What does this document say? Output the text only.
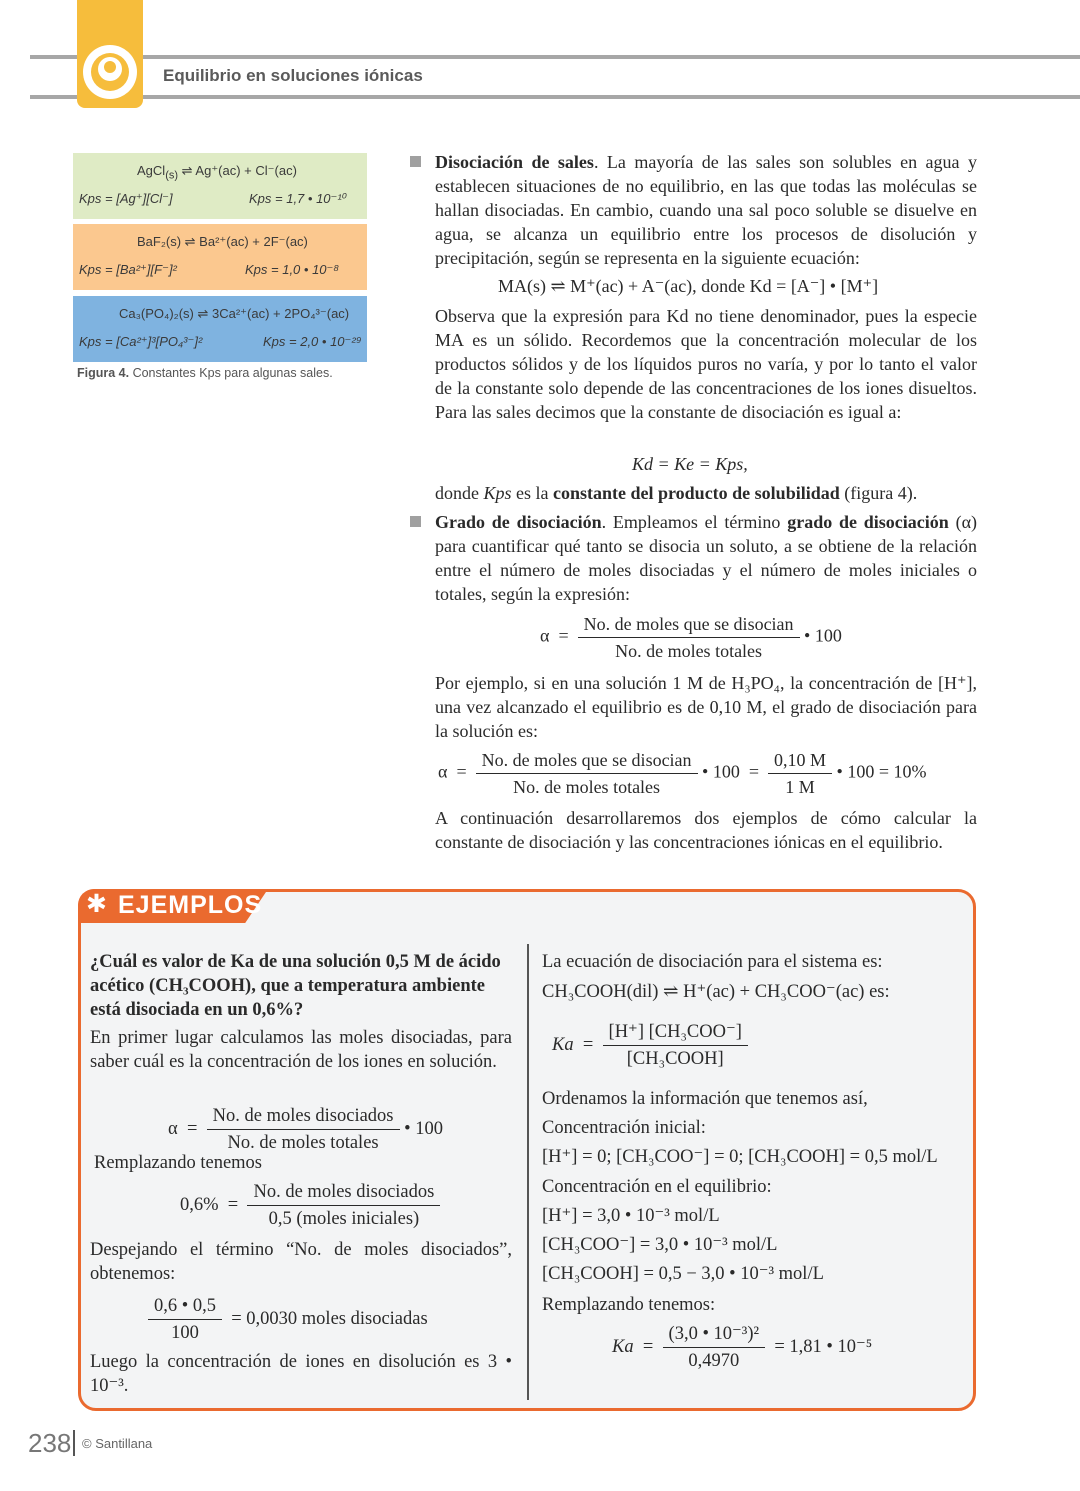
Equilibrio en soluciones iónicas
AgCl$_{(s)}$ ⇌ Ag⁺(ac) + Cl⁻(ac)
Kps = [Ag⁺][Cl⁻]	Kps = 1,7 • 10⁻¹⁰
BaF₂(s) ⇌ Ba²⁺(ac) + 2F⁻(ac)
Kps = [Ba²⁺][F⁻]²	Kps = 1,0 • 10⁻⁸
Ca₃(PO₄)₂(s) ⇌ 3Ca²⁺(ac) + 2PO₄³⁻(ac)
Kps = [Ca²⁺]³[PO₄³⁻]²	Kps = 2,0 • 10⁻²⁹
Figura 4. Constantes Kps para algunas sales.
Disociación de sales. La mayoría de las sales son solubles en agua y establecen situaciones de no equilibrio, en las que todas las moléculas se hallan disociadas. En cambio, cuando una sal poco soluble se disuelve en agua, se alcanza un equilibrio entre los procesos de disolución y precipitación, según se representa en la siguiente ecuación:
MA(s) ⇌ M⁺(ac) + A⁻(ac), donde Kd = [A⁻] • [M⁺]
Observa que la expresión para Kd no tiene denominador, pues la especie MA es un sólido. Recordemos que la concentración molecular de los productos sólidos y de los líquidos puros no varía, y por lo tanto el valor de la constante solo depende de las concentraciones de los iones disueltos. Para las sales decimos que la constante de disociación es igual a:
Kd = Ke = Kps,
donde Kps es la constante del producto de solubilidad (figura 4).
Grado de disociación. Empleamos el término grado de disociación (α) para cuantificar qué tanto se disocia un soluto, a se obtiene de la relación entre el número de moles disociadas y el número de moles iniciales o totales, según la expresión:
$\alpha = \frac{\text{No. de moles que se disocian}}{\text{No. de moles totales}}$ • 100
Por ejemplo, si en una solución 1 M de H₃PO₄, la concentración de [H⁺], una vez alcanzado el equilibrio es de 0,10 M, el grado de disociación para la solución es:
$\alpha = \frac{\text{No. de moles que se disocian}}{\text{No. de moles totales}}$ • $100 = \frac{0,10 M}{1 M}$ • 100 = 10%
A continuación desarrollaremos dos ejemplos de cómo calcular la constante de disociación y las concentraciones iónicas en el equilibrio.
✱ EJEMPLOS
¿Cuál es valor de Ka de una solución 0,5 M de ácido acético (CH₃COOH), que a temperatura ambiente está disociada en un 0,6%?
En primer lugar calculamos las moles disociadas, para saber cuál es la concentración de los iones en solución.
$\alpha = \frac{\text{No. de moles disociados}}{\text{No. de moles totales}}$ • 100
Remplazando tenemos
$0,6\% = \frac{\text{No. de moles disociados}}{\text{0,5 (moles iniciales)}}$
Despejando el término “No. de moles disociados”, obtenemos:
$\frac{0,6 • 0,5}{100} = 0,0030$ moles disociadas
Luego la concentración de iones en disolución es 3 • 10⁻³.
La ecuación de disociación para el sistema es:
CH₃COOH(dil) ⇌ H⁺(ac) + CH₃COO⁻(ac) es:
$Ka = \frac{\text{[H⁺] [CH₃COO⁻]}}{\text{[CH₃COOH]}}$
Ordenamos la información que tenemos así,
Concentración inicial:
[H⁺] = 0; [CH₃COO⁻] = 0; [CH₃COOH] = 0,5 mol/L
Concentración en el equilibrio:
[H⁺] = 3,0 • 10⁻³ mol/L
[CH₃COO⁻] = 3,0 • 10⁻³ mol/L
[CH₃COOH] = 0,5 − 3,0 • 10⁻³ mol/L
Remplazando tenemos:
$Ka = \frac{\text{(3,0 • 10⁻³)²}}{0,4970} = 1,81$ • 10⁻⁵
238 © Santillana
